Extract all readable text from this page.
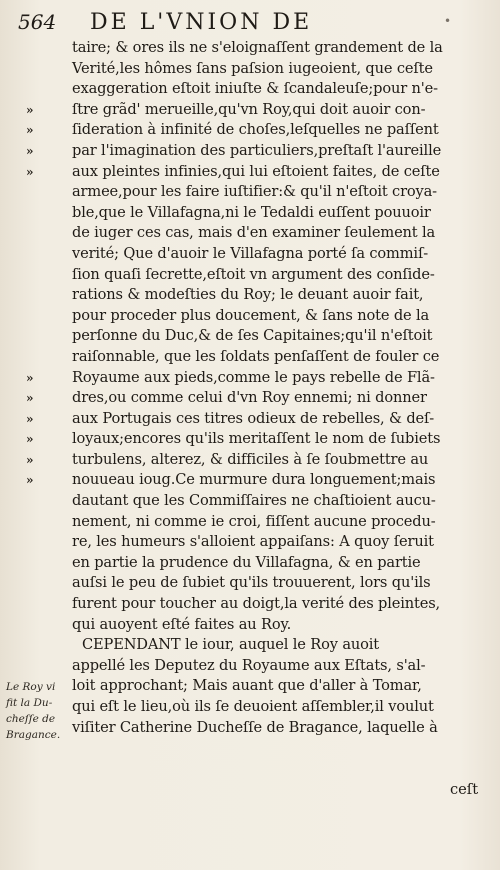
564 DE L'VNION DE	•
Le Roy vi
fit la Du-
cheſſe de
Bragance.
taire; & ores ils ne s'eloignaſſent grandement de la
Verité,les hômes ſans paſsion iugeoient, que ceſte
exaggeration eſtoit iniuſte & ſcandaleuſe;pour n'e-
»	ſtre grãd' merueille,qu'vn Roy,qui doit auoir con-
»	ſideration à infinité de choſes,leſquelles ne paſſent
»	par l'imagination des particuliers,preſtaſt l'aureille
»	aux pleintes infinies,qui lui eſtoient faites, de ceſte
armee,pour les faire iuſtifier:& qu'il n'eſtoit croya-
ble,que le Villafagna,ni le Tedaldi euſſent pouuoir
de iuger ces cas, mais d'en examiner ſeulement la
verité; Que d'auoir le Villafagna porté ſa commiſ-
ſion quaſi ſecrette,eſtoit vn argument des conſide-
rations & modeſties du Roy; le deuant auoir fait,
pour proceder plus doucement, & ſans note de la
perſonne du Duc,& de ſes Capitaines;qu'il n'eſtoit
raiſonnable, que les ſoldats penſaſſent de fouler ce
»	Royaume aux pieds,comme le pays rebelle de Flã-
»	dres,ou comme celui d'vn Roy ennemi; ni donner
»	aux Portugais ces titres odieux de rebelles, & deſ-
»	loyaux;encores qu'ils meritaſſent le nom de ſubiets
»	turbulens, alterez, & difficiles à ſe ſoubmettre au
»	nouueau ioug.Ce murmure dura longuement;mais
dautant que les Commiſſaires ne chaſtioient aucu-
nement, ni comme ie croi, fiſſent aucune procedu-
re, les humeurs s'alloient appaiſans: A quoy ſeruit
en partie la prudence du Villafagna, & en partie
auſsi le peu de ſubiet qu'ils trouuerent, lors qu'ils
furent pour toucher au doigt,la verité des pleintes,
qui auoyent eſté faites au Roy.
CEPENDANT le iour, auquel le Roy auoit
appellé les Deputez du Royaume aux Eſtats, s'al-
loit approchant; Mais auant que d'aller à Tomar,
qui eſt le lieu,où ils ſe deuoient aſſembler,il voulut
viſiter Catherine Ducheſſe de Bragance, laquelle à
ceſt
